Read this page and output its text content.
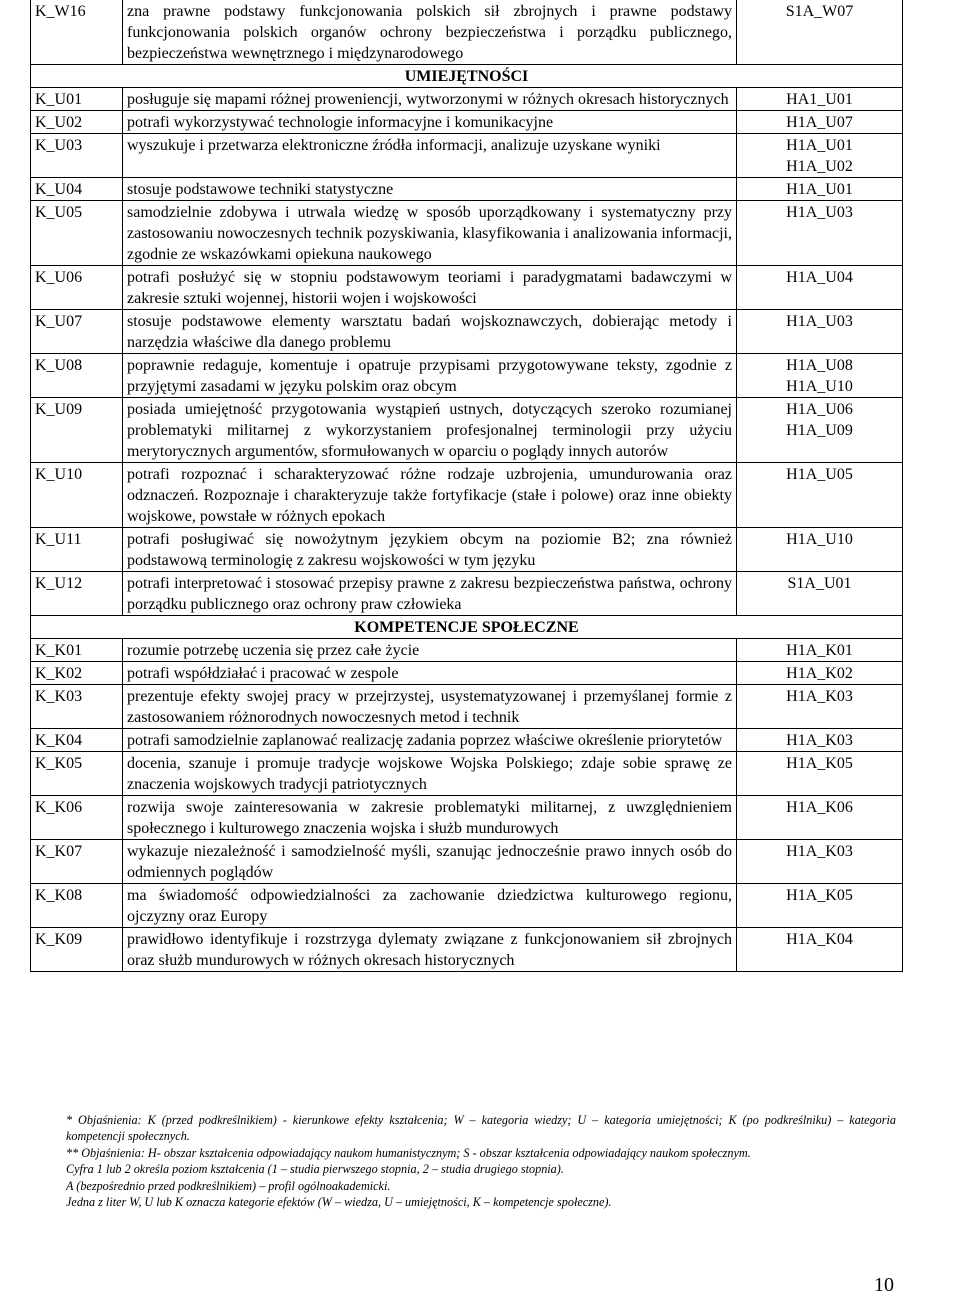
K_W16	zna prawne podstawy funkcjonowania polskich sił zbrojnych i prawne podstawy funkcjonowania polskich organów ochrony bezpieczeństwa i porządku publicznego, bezpieczeństwa wewnętrznego i międzynarodowego	S1A_W07
UMIEJĘTNOŚCI		
K_U01	posługuje się mapami różnej proweniencji, wytworzonymi w różnych okresach historycznych	HA1_U01

K_U02	potrafi wykorzystywać technologie informacyjne i komunikacyjne	H1A_U07

K_U03	wyszukuje i przetwarza elektroniczne źródła informacji, analizuje uzyskane wyniki	H1A_U01
H1A_U02

K_U04	stosuje podstawowe techniki statystyczne	H1A_U01

K_U05	samodzielnie zdobywa i utrwala wiedzę w sposób uporządkowany i systematyczny przy zastosowaniu nowoczesnych technik pozyskiwania, klasyfikowania i analizowania informacji, zgodnie ze wskazówkami opiekuna naukowego	H1A_U03

K_U06	potrafi posłużyć się w stopniu podstawowym teoriami i paradygmatami badawczymi w zakresie sztuki wojennej, historii wojen i wojskowości	H1A_U04

K_U07	stosuje podstawowe elementy warsztatu badań wojskoznawczych, dobierając metody i narzędzia właściwe dla danego problemu	H1A_U03

K_U08	poprawnie redaguje, komentuje i opatruje przypisami przygotowywane teksty, zgodnie z przyjętymi zasadami w języku polskim oraz obcym	H1A_U08
H1A_U10

K_U09	posiada umiejętność przygotowania wystąpień ustnych, dotyczących szeroko rozumianej problematyki militarnej z wykorzystaniem profesjonalnej terminologii przy użyciu merytorycznych argumentów, sformułowanych w oparciu o poglądy innych autorów	H1A_U06
H1A_U09

K_U10	potrafi rozpoznać i scharakteryzować różne rodzaje uzbrojenia, umundurowania oraz odznaczeń. Rozpoznaje i charakteryzuje także fortyfikacje (stałe i polowe) oraz inne obiekty wojskowe, powstałe w różnych epokach	H1A_U05

K_U11	potrafi posługiwać się nowożytnym językiem obcym na poziomie B2; zna również podstawową terminologię z zakresu wojskowości w tym języku	H1A_U10

K_U12	potrafi interpretować i stosować przepisy prawne z zakresu bezpieczeństwa państwa, ochrony porządku publicznego oraz ochrony praw człowieka	S1A_U01

KOMPETENCJE SPOŁECZNE		
K_K01	rozumie potrzebę uczenia się przez całe życie	H1A_K01

K_K02	potrafi współdziałać i pracować w zespole	H1A_K02

K_K03	prezentuje efekty swojej pracy w przejrzystej, usystematyzowanej i przemyślanej formie z zastosowaniem różnorodnych nowoczesnych metod i technik	H1A_K03

K_K04	potrafi samodzielnie zaplanować realizację zadania poprzez właściwe określenie priorytetów	H1A_K03

K_K05	docenia, szanuje i promuje tradycje wojskowe Wojska Polskiego; zdaje sobie sprawę ze znaczenia wojskowych tradycji patriotycznych	H1A_K05

K_K06	rozwija swoje zainteresowania w zakresie problematyki militarnej, z uwzględnieniem społecznego i kulturowego znaczenia wojska i służb mundurowych	H1A_K06

K_K07	wykazuje niezależność i samodzielność myśli, szanując jednocześnie prawo innych osób do odmiennych poglądów	H1A_K03

K_K08	ma świadomość odpowiedzialności za zachowanie dziedzictwa kulturowego regionu, ojczyzny oraz Europy	H1A_K05

K_K09	prawidłowo identyfikuje i rozstrzyga dylematy związane z funkcjonowaniem sił zbrojnych oraz służb mundurowych w różnych okresach historycznych	H1A_K04

* Objaśnienia: K (przed podkreślnikiem) - kierunkowe efekty kształcenia; W – kategoria wiedzy; U – kategoria umiejętności; K (po podkreślniku) – kategoria kompetencji społecznych.

** Objaśnienia: H- obszar kształcenia odpowiadający naukom humanistycznym; S - obszar kształcenia odpowiadający naukom społecznym.

Cyfra 1 lub 2 określa poziom kształcenia (1 – studia pierwszego stopnia, 2 – studia drugiego stopnia).

A (bezpośrednio przed podkreślnikiem) – profil ogólnoakademicki.

Jedna z liter W, U lub K oznacza kategorie efektów (W – wiedza, U – umiejętności, K – kompetencje społeczne).

10
